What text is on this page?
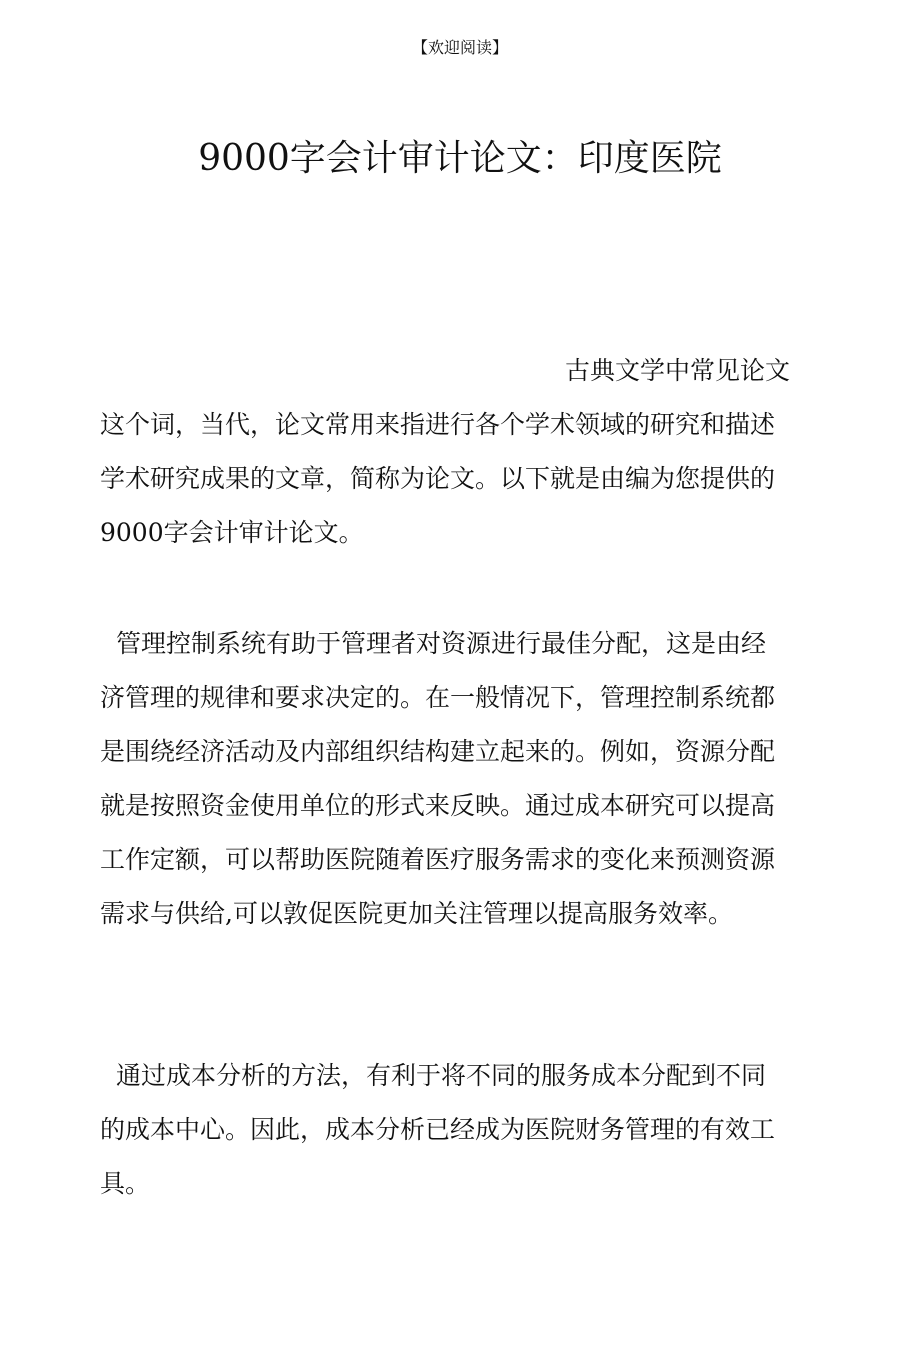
【欢迎阅读】
9000字会计审计论文：印度医院

古典文学中常见论文

这个词，当代，论文常用来指进行各个学术领域的研究和描述学术研究成果的文章，简称为论文。以下就是由编为您提供的9000字会计审计论文。

管理控制系统有助于管理者对资源进行最佳分配，这是由经济管理的规律和要求决定的。在一般情况下，管理控制系统都是围绕经济活动及内部组织结构建立起来的。例如，资源分配就是按照资金使用单位的形式来反映。通过成本研究可以提高工作定额，可以帮助医院随着医疗服务需求的变化来预测资源需求与供给,可以敦促医院更加关注管理以提高服务效率。

通过成本分析的方法，有利于将不同的服务成本分配到不同的成本中心。因此，成本分析已经成为医院财务管理的有效工具。
